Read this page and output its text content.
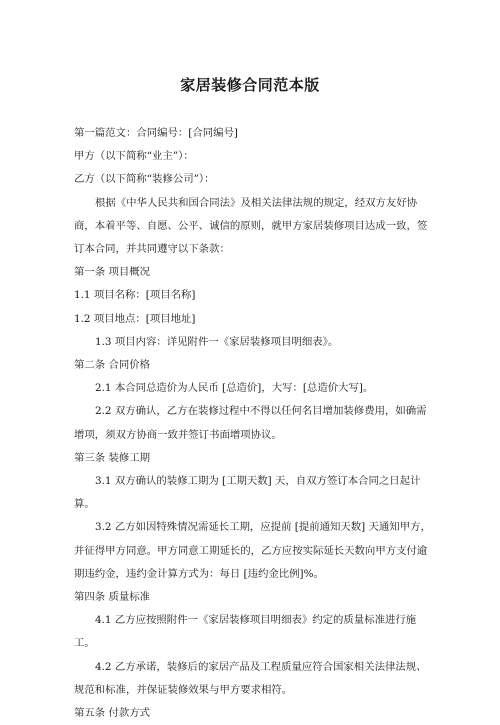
家居装修合同范本版

第一篇范文：合同编号：[合同编号]

甲方（以下简称“业主”）：

乙方（以下简称“装修公司”）：

根据《中华人民共和国合同法》及相关法律法规的规定，经双方友好协商，本着平等、自愿、公平、诚信的原则，就甲方家居装修项目达成一致，签订本合同，并共同遵守以下条款：

第一条 项目概况

1.1 项目名称：[项目名称]

1.2 项目地点：[项目地址]

1.3 项目内容：详见附件一《家居装修项目明细表》。

第二条 合同价格

2.1 本合同总造价为人民币 [总造价]，大写：[总造价大写]。

2.2 双方确认，乙方在装修过程中不得以任何名目增加装修费用，如确需增项，须双方协商一致并签订书面增项协议。

第三条 装修工期

3.1 双方确认的装修工期为 [工期天数] 天，自双方签订本合同之日起计算。

3.2 乙方如因特殊情况需延长工期，应提前 [提前通知天数] 天通知甲方，并征得甲方同意。甲方同意工期延长的，乙方应按实际延长天数向甲方支付逾期违约金，违约金计算方式为：每日 [违约金比例]%。

第四条 质量标准

4.1 乙方应按照附件一《家居装修项目明细表》约定的质量标准进行施工。

4.2 乙方承诺，装修后的家居产品及工程质量应符合国家相关法律法规、规范和标准，并保证装修效果与甲方要求相符。

第五条 付款方式
